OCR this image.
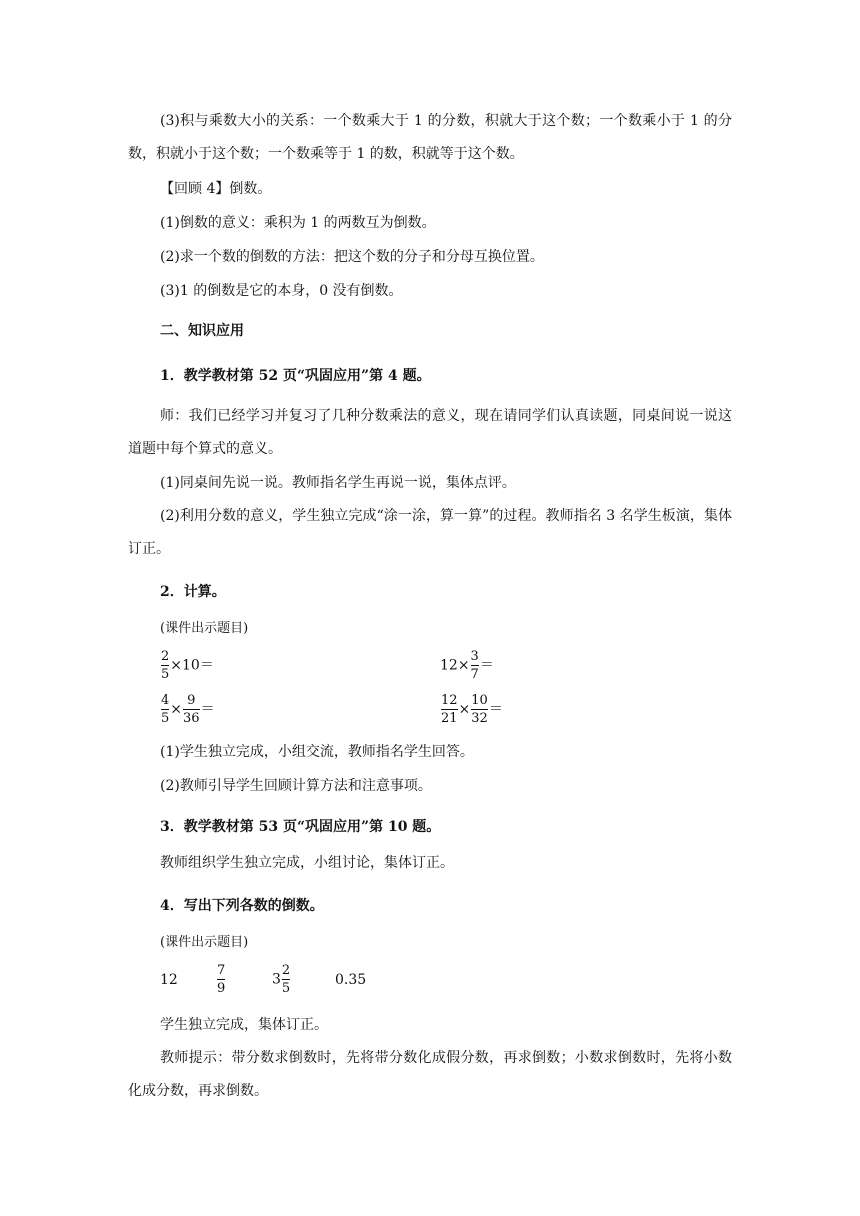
(3)积与乘数大小的关系：一个数乘大于 1 的分数，积就大于这个数；一个数乘小于 1 的分数，积就小于这个数；一个数乘等于 1 的数，积就等于这个数。

【回顾 4】倒数。

(1)倒数的意义：乘积为 1 的两数互为倒数。

(2)求一个数的倒数的方法：把这个数的分子和分母互换位置。

(3)1 的倒数是它的本身，0 没有倒数。

二、知识应用

1．教学教材第 52 页“巩固应用”第 4 题。

师：我们已经学习并复习了几种分数乘法的意义，现在请同学们认真读题，同桌间说一说这道题中每个算式的意义。

(1)同桌间先说一说。教师指名学生再说一说，集体点评。

(2)利用分数的意义，学生独立完成“涂一涂，算一算”的过程。教师指名 3 名学生板演，集体订正。

2．计算。

(课件出示题目)

$\frac{2}{5} \times 10=$	$12\times \frac{3}{7}$ ＝
$\frac{4}{5} \times \frac{9}{36}$ ＝	$\frac{12}{21} \times \frac{10}{32}$ ＝

(1)学生独立完成，小组交流，教师指名学生回答。

(2)教师引导学生回顾计算方法和注意事项。

3．教学教材第 53 页“巩固应用”第 10 题。

教师组织学生独立完成，小组讨论，集体订正。

4．写出下列各数的倒数。

(课件出示题目)

12	$\frac{7}{9}$	$3 \frac{2}{5}$	0.35

学生独立完成，集体订正。

教师提示：带分数求倒数时，先将带分数化成假分数，再求倒数；小数求倒数时，先将小数化成分数，再求倒数。
